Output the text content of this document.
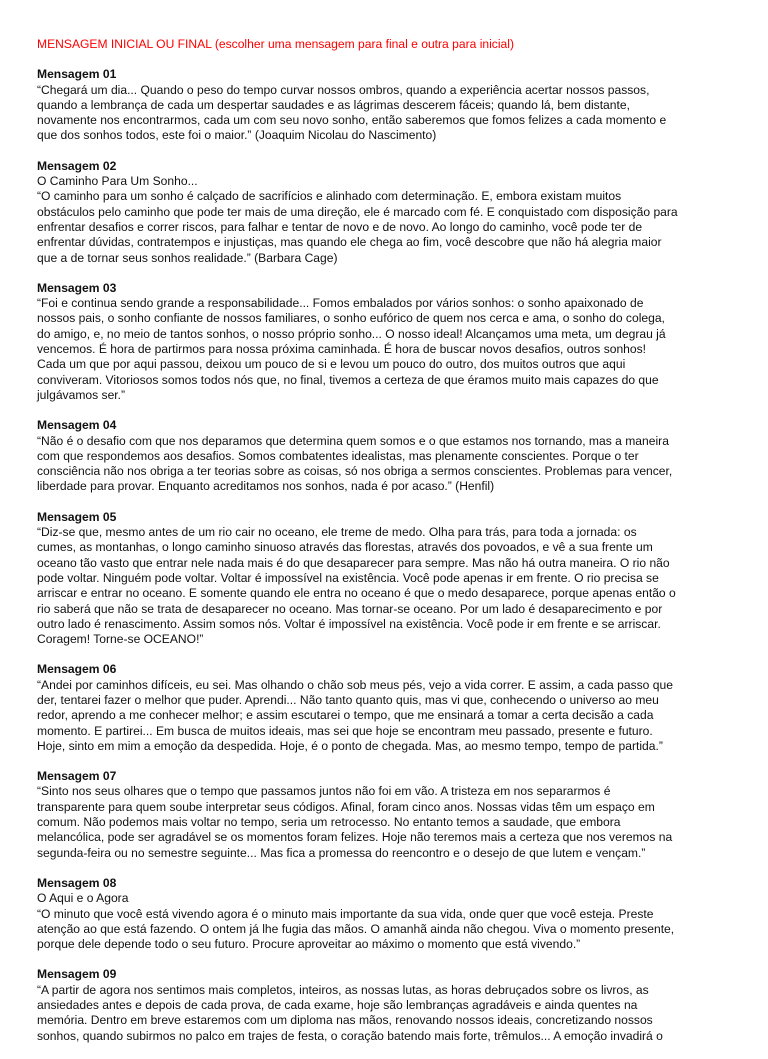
MENSAGEM INICIAL OU FINAL (escolher uma mensagem para final e outra para inicial)
Mensagem 01
“Chegará um dia... Quando o peso do tempo curvar nossos ombros, quando a experiência acertar nossos passos,
quando a lembrança de cada um despertar saudades e as lágrimas descerem fáceis; quando lá, bem distante,
novamente nos encontrarmos, cada um com seu novo sonho, então saberemos que fomos felizes a cada momento e
que dos sonhos todos, este foi o maior.” (Joaquim Nicolau do Nascimento)
Mensagem 02
O Caminho Para Um Sonho...
“O caminho para um sonho é calçado de sacrifícios e alinhado com determinação. E, embora existam muitos
obstáculos pelo caminho que pode ter mais de uma direção, ele é marcado com fé. E conquistado com disposição para
enfrentar desafios e correr riscos, para falhar e tentar de novo e de novo. Ao longo do caminho, você pode ter de
enfrentar dúvidas, contratempos e injustiças, mas quando ele chega ao fim, você descobre que não há alegria maior
que a de tornar seus sonhos realidade.” (Barbara Cage)
Mensagem 03
“Foi e continua sendo grande a responsabilidade... Fomos embalados por vários sonhos: o sonho apaixonado de
nossos pais, o sonho confiante de nossos familiares, o sonho eufórico de quem nos cerca e ama, o sonho do colega,
do amigo, e, no meio de tantos sonhos, o nosso próprio sonho... O nosso ideal! Alcançamos uma meta, um degrau já
vencemos. É hora de partirmos para nossa próxima caminhada. É hora de buscar novos desafios, outros sonhos!
Cada um que por aqui passou, deixou um pouco de si e levou um pouco do outro, dos muitos outros que aqui
conviveram. Vitoriosos somos todos nós que, no final, tivemos a certeza de que éramos muito mais capazes do que
julgávamos ser.”
Mensagem 04
“Não é o desafio com que nos deparamos que determina quem somos e o que estamos nos tornando, mas a maneira
com que respondemos aos desafios. Somos combatentes idealistas, mas plenamente conscientes. Porque o ter
consciência não nos obriga a ter teorias sobre as coisas, só nos obriga a sermos conscientes. Problemas para vencer,
liberdade para provar. Enquanto acreditamos nos sonhos, nada é por acaso.” (Henfil)
Mensagem 05
“Diz-se que, mesmo antes de um rio cair no oceano, ele treme de medo. Olha para trás, para toda a jornada: os
cumes, as montanhas, o longo caminho sinuoso através das florestas, através dos povoados, e vê a sua frente um
oceano tão vasto que entrar nele nada mais é do que desaparecer para sempre. Mas não há outra maneira. O rio não
pode voltar. Ninguém pode voltar. Voltar é impossível na existência. Você pode apenas ir em frente. O rio precisa se
arriscar e entrar no oceano. E somente quando ele entra no oceano é que o medo desaparece, porque apenas então o
rio saberá que não se trata de desaparecer no oceano. Mas tornar-se oceano. Por um lado é desaparecimento e por
outro lado é renascimento. Assim somos nós. Voltar é impossível na existência. Você pode ir em frente e se arriscar.
Coragem! Torne-se OCEANO!”
Mensagem 06
“Andei por caminhos difíceis, eu sei. Mas olhando o chão sob meus pés, vejo a vida correr. E assim, a cada passo que
der, tentarei fazer o melhor que puder. Aprendi... Não tanto quanto quis, mas vi que, conhecendo o universo ao meu
redor, aprendo a me conhecer melhor; e assim escutarei o tempo, que me ensinará a tomar a certa decisão a cada
momento. E partirei... Em busca de muitos ideais, mas sei que hoje se encontram meu passado, presente e futuro.
Hoje, sinto em mim a emoção da despedida. Hoje, é o ponto de chegada. Mas, ao mesmo tempo, tempo de partida.”
Mensagem 07
“Sinto nos seus olhares que o tempo que passamos juntos não foi em vão. A tristeza em nos separarmos é
transparente para quem soube interpretar seus códigos. Afinal, foram cinco anos. Nossas vidas têm um espaço em
comum. Não podemos mais voltar no tempo, seria um retrocesso. No entanto temos a saudade, que embora
melancólica, pode ser agradável se os momentos foram felizes. Hoje não teremos mais a certeza que nos veremos na
segunda-feira ou no semestre seguinte... Mas fica a promessa do reencontro e o desejo de que lutem e vençam.”
Mensagem 08
O Aqui e o Agora
“O minuto que você está vivendo agora é o minuto mais importante da sua vida, onde quer que você esteja. Preste
atenção ao que está fazendo. O ontem já lhe fugia das mãos. O amanhã ainda não chegou. Viva o momento presente,
porque dele depende todo o seu futuro. Procure aproveitar ao máximo o momento que está vivendo.”
Mensagem 09
“A partir de agora nos sentimos mais completos, inteiros, as nossas lutas, as horas debruçados sobre os livros, as
ansiedades antes e depois de cada prova, de cada exame, hoje são lembranças agradáveis e ainda quentes na
memória. Dentro em breve estaremos com um diploma nas mãos, renovando nossos ideais, concretizando nossos
sonhos, quando subirmos no palco em trajes de festa, o coração batendo mais forte, trêmulos... A emoção invadirá o
